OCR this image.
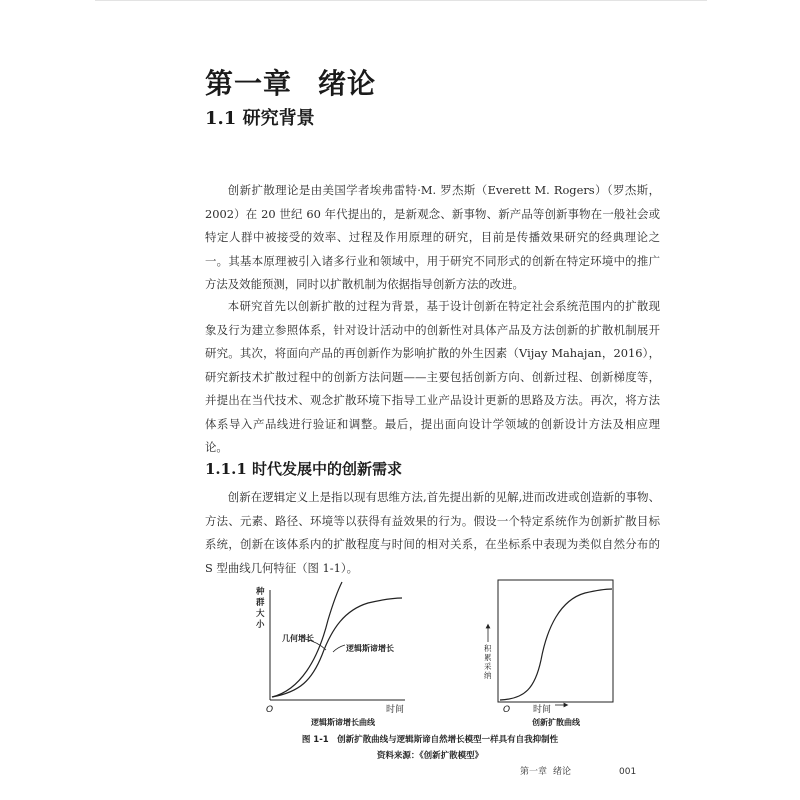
第一章 绪论
1.1 研究背景

创新扩散理论是由美国学者埃弗雷特·M. 罗杰斯（Everett M. Rogers）（罗杰斯，2002）在 20 世纪 60 年代提出的，是新观念、新事物、新产品等创新事物在一般社会或特定人群中被接受的效率、过程及作用原理的研究，目前是传播效果研究的经典理论之一。其基本原理被引入诸多行业和领域中，用于研究不同形式的创新在特定环境中的推广方法及效能预测，同时以扩散机制为依据指导创新方法的改进。

本研究首先以创新扩散的过程为背景，基于设计创新在特定社会系统范围内的扩散现象及行为建立参照体系，针对设计活动中的创新性对具体产品及方法创新的扩散机制展开研究。其次，将面向产品的再创新作为影响扩散的外生因素（Vijay Mahajan，2016），研究新技术扩散过程中的创新方法问题——主要包括创新方向、创新过程、创新梯度等，并提出在当代技术、观念扩散环境下指导工业产品设计更新的思路及方法。再次，将方法体系导入产品线进行验证和调整。最后，提出面向设计学领域的创新设计方法及相应理论。

1.1.1 时代发展中的创新需求

创新在逻辑定义上是指以现有思维方法,首先提出新的见解,进而改进或创造新的事物、方法、元素、路径、环境等以获得有益效果的行为。假设一个特定系统作为创新扩散目标系统，创新在该体系内的扩散程度与时间的相对关系，在坐标系中表现为类似自然分布的 S 型曲线几何特征（图 1-1）。

种
群
大
小
O	时间
几何增长
逻辑斯谛增长
逻辑斯谛增长曲线
积
累
采
纳
O	时间
创新扩散曲线

图 1-1　创新扩散曲线与逻辑斯谛自然增长模型一样具有自我抑制性

资料来源：《创新扩散模型》

第一章 绪论	001
